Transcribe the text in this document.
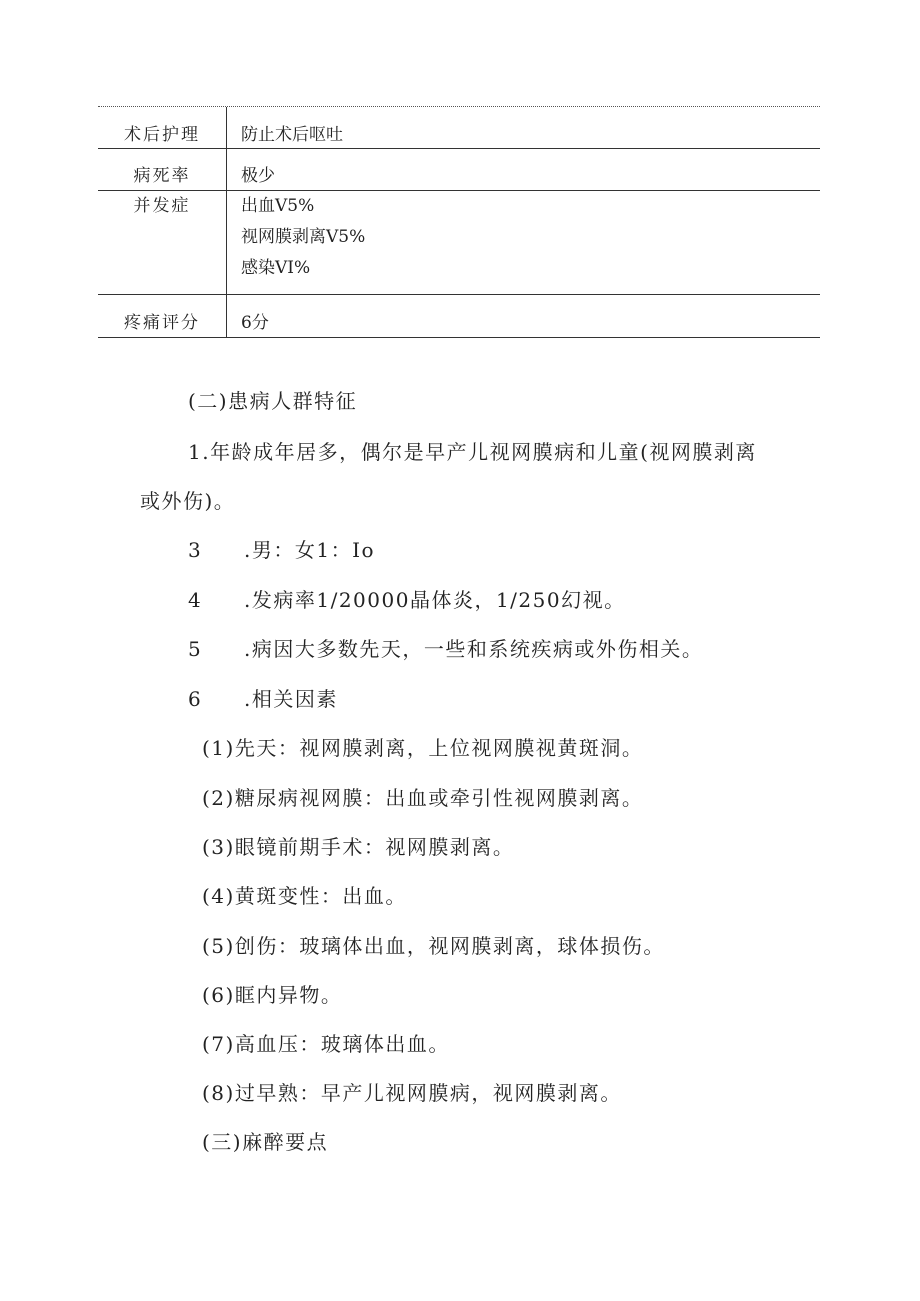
术后护理	防止术后呕吐
病死率	极少
并发症	出血V5%
视网膜剥离V5%
感染VI%
疼痛评分	6分
(二)患病人群特征
1.年龄成年居多，偶尔是早产儿视网膜病和儿童(视网膜剥离
或外伤)。
3 .男：女1：Io
4 .发病率1/20000晶体炎，1/250幻视。
5 .病因大多数先天，一些和系统疾病或外伤相关。
6 .相关因素
(1)先天：视网膜剥离，上位视网膜视黄斑洞。
(2)糖尿病视网膜：出血或牵引性视网膜剥离。
(3)眼镜前期手术：视网膜剥离。
(4)黄斑变性：出血。
(5)创伤：玻璃体出血，视网膜剥离，球体损伤。
(6)眶内异物。
(7)高血压：玻璃体出血。
(8)过早熟：早产儿视网膜病，视网膜剥离。
(三)麻醉要点
